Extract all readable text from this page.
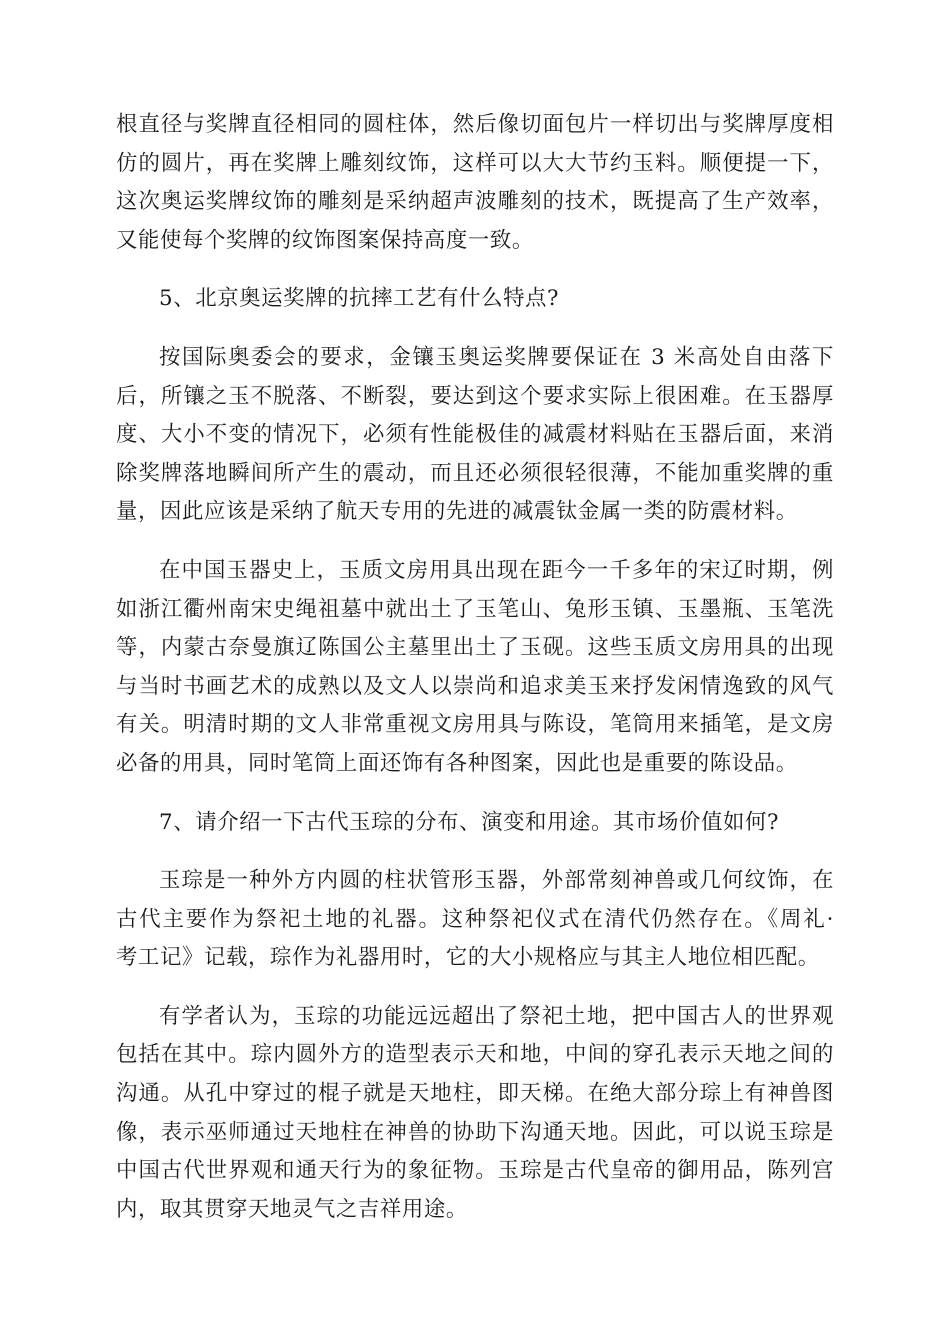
根直径与奖牌直径相同的圆柱体，然后像切面包片一样切出与奖牌厚度相
仿的圆片，再在奖牌上雕刻纹饰，这样可以大大节约玉料。顺便提一下，
这次奥运奖牌纹饰的雕刻是采纳超声波雕刻的技术，既提高了生产效率，
又能使每个奖牌的纹饰图案保持高度一致。

5、北京奥运奖牌的抗摔工艺有什么特点?

按国际奥委会的要求，金镶玉奥运奖牌要保证在 3 米高处自由落下
后，所镶之玉不脱落、不断裂，要达到这个要求实际上很困难。在玉器厚
度、大小不变的情况下，必须有性能极佳的减震材料贴在玉器后面，来消
除奖牌落地瞬间所产生的震动，而且还必须很轻很薄，不能加重奖牌的重
量，因此应该是采纳了航天专用的先进的减震钛金属一类的防震材料。

在中国玉器史上，玉质文房用具出现在距今一千多年的宋辽时期，例
如浙江衢州南宋史绳祖墓中就出土了玉笔山、兔形玉镇、玉墨瓶、玉笔洗
等，内蒙古奈曼旗辽陈国公主墓里出土了玉砚。这些玉质文房用具的出现
与当时书画艺术的成熟以及文人以崇尚和追求美玉来抒发闲情逸致的风气
有关。明清时期的文人非常重视文房用具与陈设，笔筒用来插笔，是文房
必备的用具，同时笔筒上面还饰有各种图案，因此也是重要的陈设品。

7、请介绍一下古代玉琮的分布、演变和用途。其市场价值如何?

玉琮是一种外方内圆的柱状管形玉器，外部常刻神兽或几何纹饰，在
古代主要作为祭祀土地的礼器。这种祭祀仪式在清代仍然存在。《周礼·
考工记》记载，琮作为礼器用时，它的大小规格应与其主人地位相匹配。

有学者认为，玉琮的功能远远超出了祭祀土地，把中国古人的世界观
包括在其中。琮内圆外方的造型表示天和地，中间的穿孔表示天地之间的
沟通。从孔中穿过的棍子就是天地柱，即天梯。在绝大部分琮上有神兽图
像，表示巫师通过天地柱在神兽的协助下沟通天地。因此，可以说玉琮是
中国古代世界观和通天行为的象征物。玉琮是古代皇帝的御用品，陈列宫
内，取其贯穿天地灵气之吉祥用途。
